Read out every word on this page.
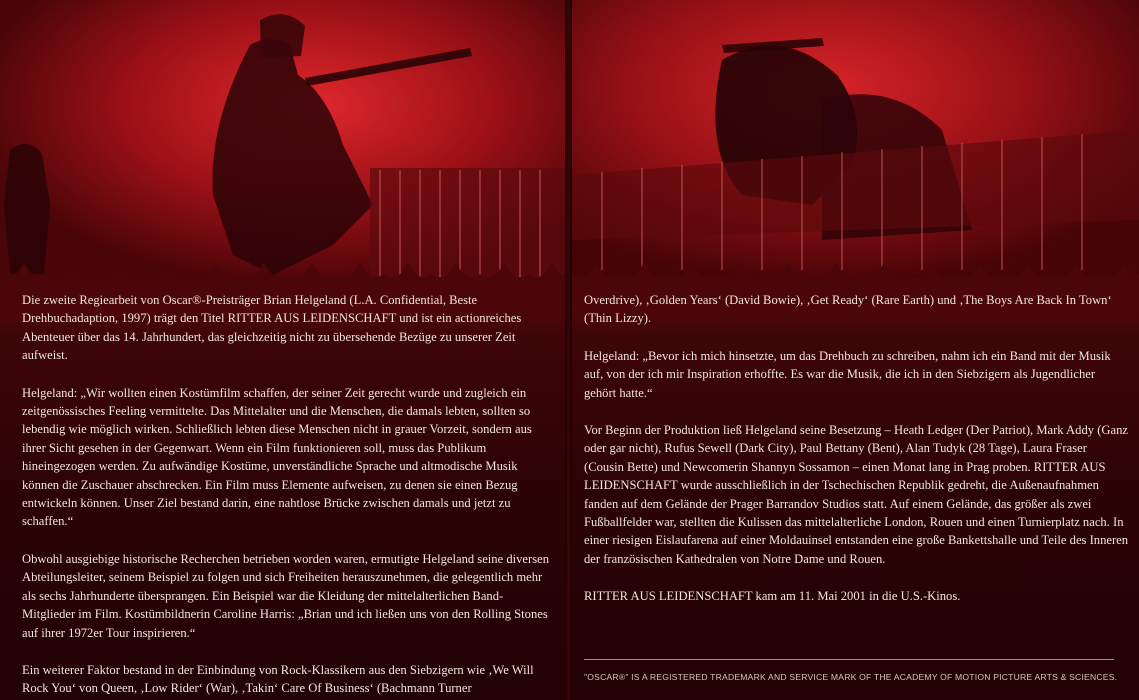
Die zweite Regiearbeit von Oscar®-Preisträger Brian Helgeland (L.A. Confidential, Beste Drehbuchadaption, 1997) trägt den Titel RITTER AUS LEIDENSCHAFT und ist ein actionreiches Abenteuer über das 14. Jahrhundert, das gleichzeitig nicht zu übersehende Bezüge zu unserer Zeit aufweist.

Helgeland: „Wir wollten einen Kostümfilm schaffen, der seiner Zeit gerecht wurde und zugleich ein zeitgenössisches Feeling vermittelte. Das Mittelalter und die Menschen, die damals lebten, sollten so lebendig wie möglich wirken. Schließlich lebten diese Menschen nicht in grauer Vorzeit, sondern aus ihrer Sicht gesehen in der Gegenwart. Wenn ein Film funktionieren soll, muss das Publikum hineingezogen werden. Zu aufwändige Kostüme, unverständliche Sprache und altmodische Musik können die Zuschauer abschrecken. Ein Film muss Elemente aufweisen, zu denen sie einen Bezug entwickeln können. Unser Ziel bestand darin, eine nahtlose Brücke zwischen damals und jetzt zu schaffen.“

Obwohl ausgiebige historische Recherchen betrieben worden waren, ermutigte Helgeland seine diversen Abteilungsleiter, seinem Beispiel zu folgen und sich Freiheiten herauszunehmen, die gelegentlich mehr als sechs Jahrhunderte übersprangen. Ein Beispiel war die Kleidung der mittelalterlichen Band-Mitglieder im Film. Kostümbildnerin Caroline Harris: „Brian und ich ließen uns von den Rolling Stones auf ihrer 1972er Tour inspirieren.“

Ein weiterer Faktor bestand in der Einbindung von Rock-Klassikern aus den Siebzigern wie ‚We Will Rock You‘ von Queen, ‚Low Rider‘ (War), ‚Takin‘ Care Of Business‘ (Bachmann Turner

Overdrive), ‚Golden Years‘ (David Bowie), ‚Get Ready‘ (Rare Earth) und ‚The Boys Are Back In Town‘ (Thin Lizzy).

Helgeland: „Bevor ich mich hinsetzte, um das Drehbuch zu schreiben, nahm ich ein Band mit der Musik auf, von der ich mir Inspiration erhoffte. Es war die Musik, die ich in den Siebzigern als Jugendlicher gehört hatte.“

Vor Beginn der Produktion ließ Helgeland seine Besetzung – Heath Ledger (Der Patriot), Mark Addy (Ganz oder gar nicht), Rufus Sewell (Dark City), Paul Bettany (Bent), Alan Tudyk (28 Tage), Laura Fraser (Cousin Bette) und Newcomerin Shannyn Sossamon – einen Monat lang in Prag proben. RITTER AUS LEIDENSCHAFT wurde ausschließlich in der Tschechischen Republik gedreht, die Außenaufnahmen fanden auf dem Gelände der Prager Barrandov Studios statt. Auf einem Gelände, das größer als zwei Fußballfelder war, stellten die Kulissen das mittelalterliche London, Rouen und einen Turnierplatz nach. In einer riesigen Eislaufarena auf einer Moldauinsel entstanden eine große Bankettshalle und Teile des Inneren der französischen Kathedralen von Notre Dame und Rouen.

RITTER AUS LEIDENSCHAFT kam am 11. Mai 2001 in die U.S.-Kinos.

"OSCAR®" IS A REGISTERED TRADEMARK AND SERVICE MARK OF THE ACADEMY OF MOTION PICTURE ARTS & SCIENCES.
